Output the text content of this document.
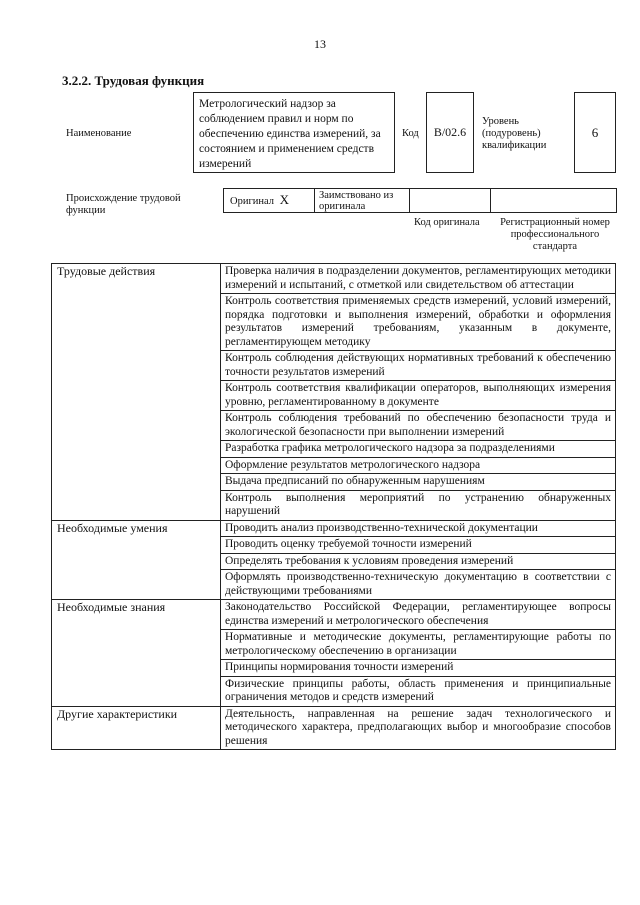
13
3.2.2. Трудовая функция
Наименование
Метрологический надзор за соблюдением правил и норм по обеспечению единства измерений, за состоянием и применением средств измерений
Код	B/02.6
Уровень (подуровень) квалификации
6
Происхождение трудовой функции
Оригинал X	Заимствовано из оригинала
Код оригинала	Регистрационный номер профессионального стандарта
Трудовые действия	Проверка наличия в подразделении документов, регламентирующих методики измерений и испытаний, с отметкой или свидетельством об аттестации
	Контроль соответствия применяемых средств измерений, условий измерений, порядка подготовки и выполнения измерений, обработки и оформления результатов измерений требованиям, указанным в документе, регламентирующем методику
	Контроль соблюдения действующих нормативных требований к обеспечению точности результатов измерений
	Контроль соответствия квалификации операторов, выполняющих измерения уровню, регламентированному в документе
	Контроль соблюдения требований по обеспечению безопасности труда и экологической безопасности при выполнении измерений
	Разработка графика метрологического надзора за подразделениями
	Оформление результатов метрологического надзора
	Выдача предписаний по обнаруженным нарушениям
	Контроль выполнения мероприятий по устранению обнаруженных нарушений
Необходимые умения	Проводить анализ производственно-технической документации
	Проводить оценку требуемой точности измерений
	Определять требования к условиям проведения измерений
	Оформлять производственно-техническую документацию в соответствии с действующими требованиями
Необходимые знания	Законодательство Российской Федерации, регламентирующее вопросы единства измерений и метрологического обеспечения
	Нормативные и методические документы, регламентирующие работы по метрологическому обеспечению в организации
	Принципы нормирования точности измерений
	Физические принципы работы, область применения и принципиальные ограничения методов и средств измерений
Другие характеристики	Деятельность, направленная на решение задач технологического и методического характера, предполагающих выбор и многообразие способов решения
